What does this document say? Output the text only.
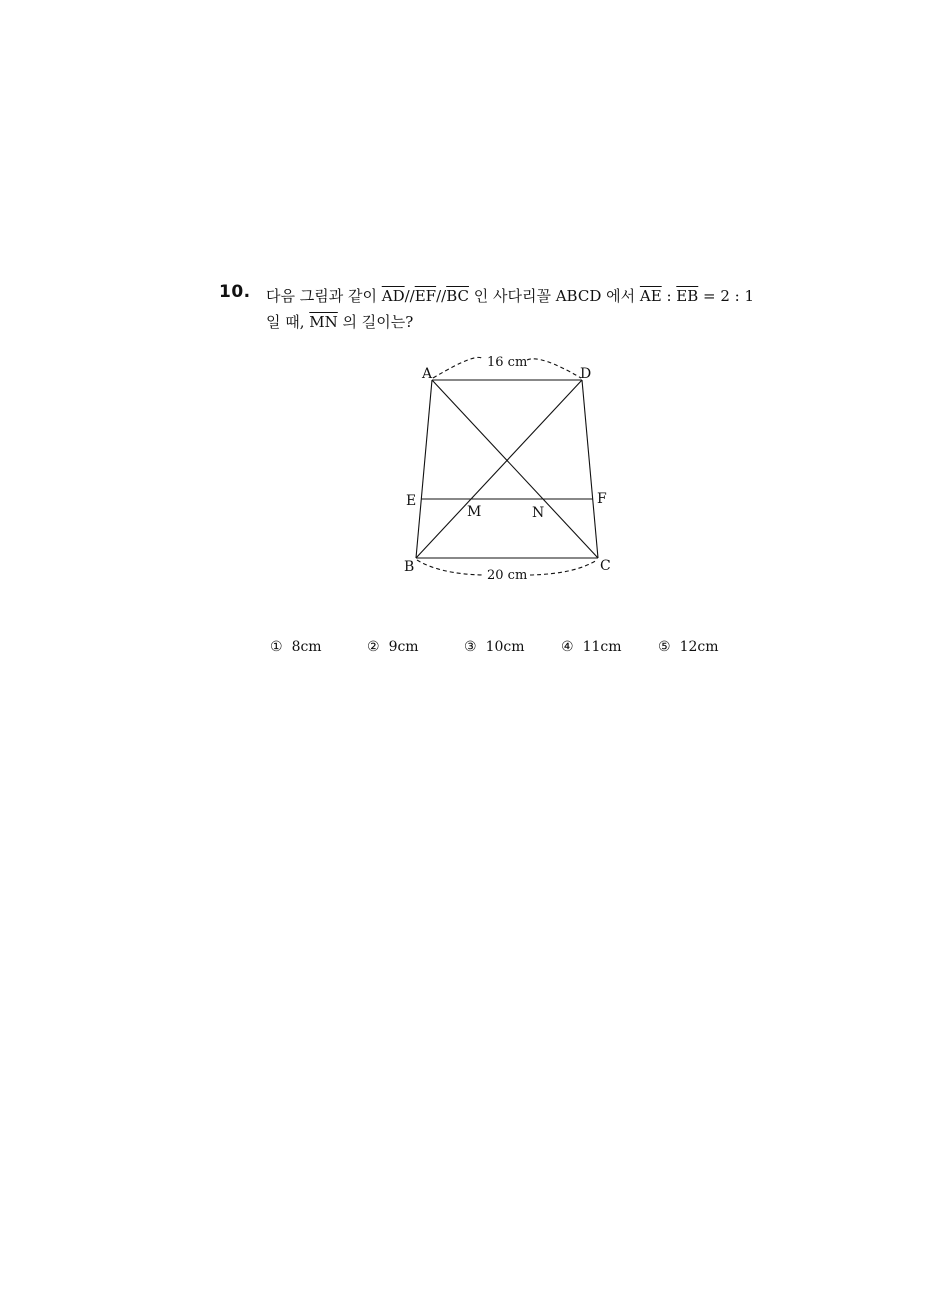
10. 다음 그림과 같이 $\overline{AD}//\overline{EF}//\overline{BC}$ 인 사다리꼴 ABCD 에서 $\overline{AE}$ : $\overline{EB} = 2$ : 1
일 때, $\overline{MN}$ 의 길이는?
A	D
E	F
M	N
B	C
16 cm
20 cm
① 8cm	② 9cm	③ 10cm	④ 11cm	⑤ 12cm
